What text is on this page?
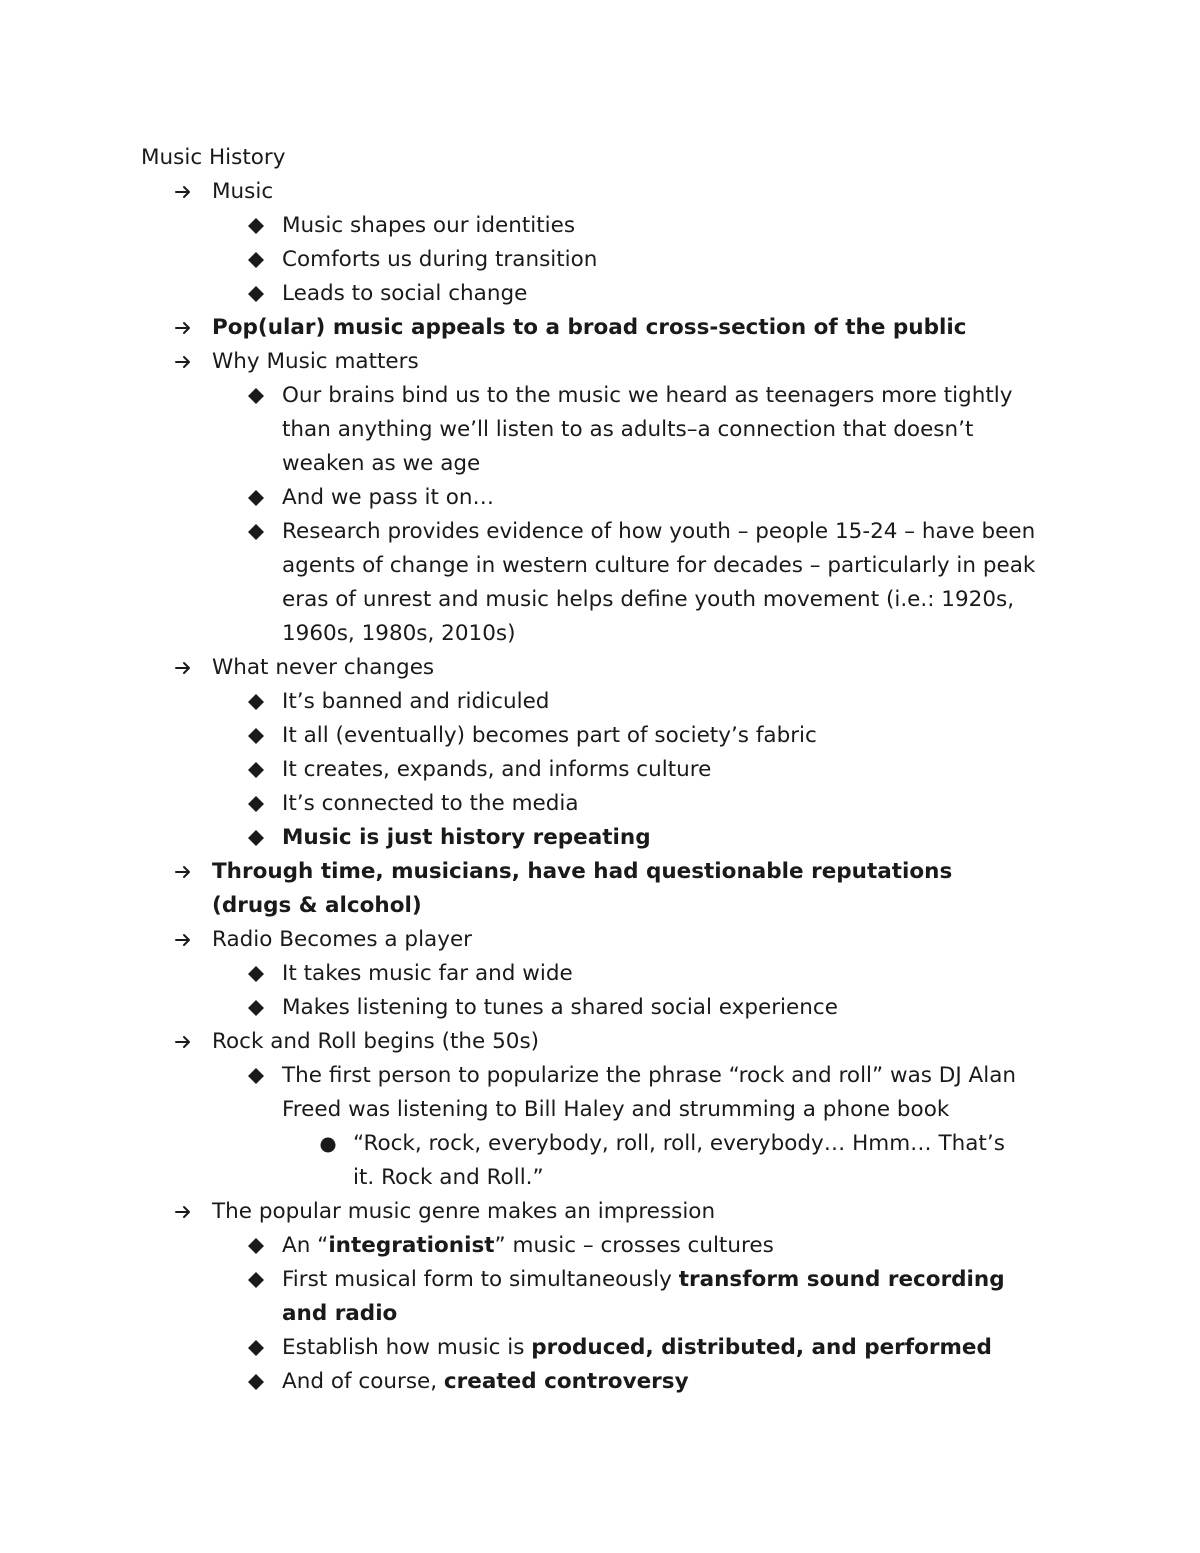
Music History
Music
Music shapes our identities
Comforts us during transition
Leads to social change
Pop(ular) music appeals to a broad cross-section of the public
Why Music matters
Our brains bind us to the music we heard as teenagers more tightly than anything we’ll listen to as adults–a connection that doesn’t weaken as we age
And we pass it on…
Research provides evidence of how youth – people 15-24 – have been agents of change in western culture for decades – particularly in peak eras of unrest and music helps define youth movement (i.e.: 1920s, 1960s, 1980s, 2010s)
What never changes
It’s banned and ridiculed
It all (eventually) becomes part of society’s fabric
It creates, expands, and informs culture
It’s connected to the media
Music is just history repeating
Through time, musicians, have had questionable reputations (drugs & alcohol)
Radio Becomes a player
It takes music far and wide
Makes listening to tunes a shared social experience
Rock and Roll begins (the 50s)
The first person to popularize the phrase “rock and roll” was DJ Alan Freed was listening to Bill Haley and strumming a phone book
“Rock, rock, everybody, roll, roll, everybody… Hmm… That’s it. Rock and Roll.”
The popular music genre makes an impression
An “integrationist” music – crosses cultures
First musical form to simultaneously transform sound recording and radio
Establish how music is produced, distributed, and performed
And of course, created controversy
